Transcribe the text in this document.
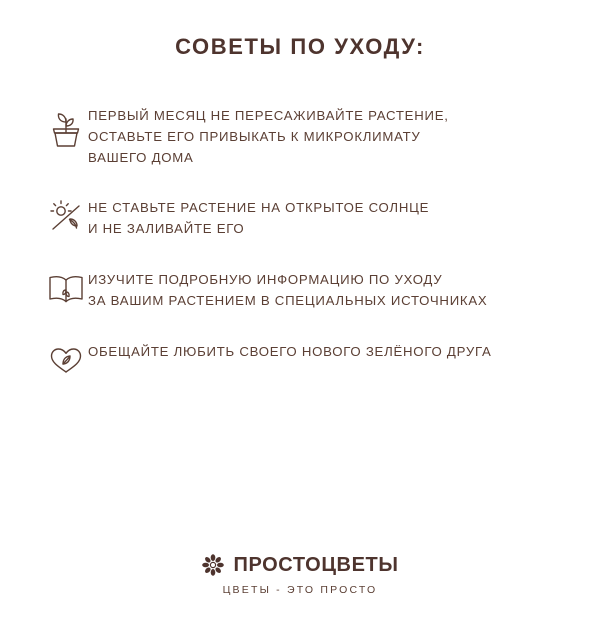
СОВЕТЫ ПО УХОДУ:
ПЕРВЫЙ МЕСЯЦ НЕ ПЕРЕСАЖИВАЙТЕ РАСТЕНИЕ,
ОСТАВЬТЕ ЕГО ПРИВЫКАТЬ К МИКРОКЛИМАТУ
ВАШЕГО ДОМА
НЕ СТАВЬТЕ РАСТЕНИЕ НА ОТКРЫТОЕ СОЛНЦЕ
И НЕ ЗАЛИВАЙТЕ ЕГО
ИЗУЧИТЕ ПОДРОБНУЮ ИНФОРМАЦИЮ ПО УХОДУ
ЗА ВАШИМ РАСТЕНИЕМ В СПЕЦИАЛЬНЫХ ИСТОЧНИКАХ
ОБЕЩАЙТЕ ЛЮБИТЬ СВОЕГО НОВОГО ЗЕЛЁНОГО ДРУГА
ПРОСТОЦВЕТЫ
ЦВЕТЫ - ЭТО ПРОСТО
